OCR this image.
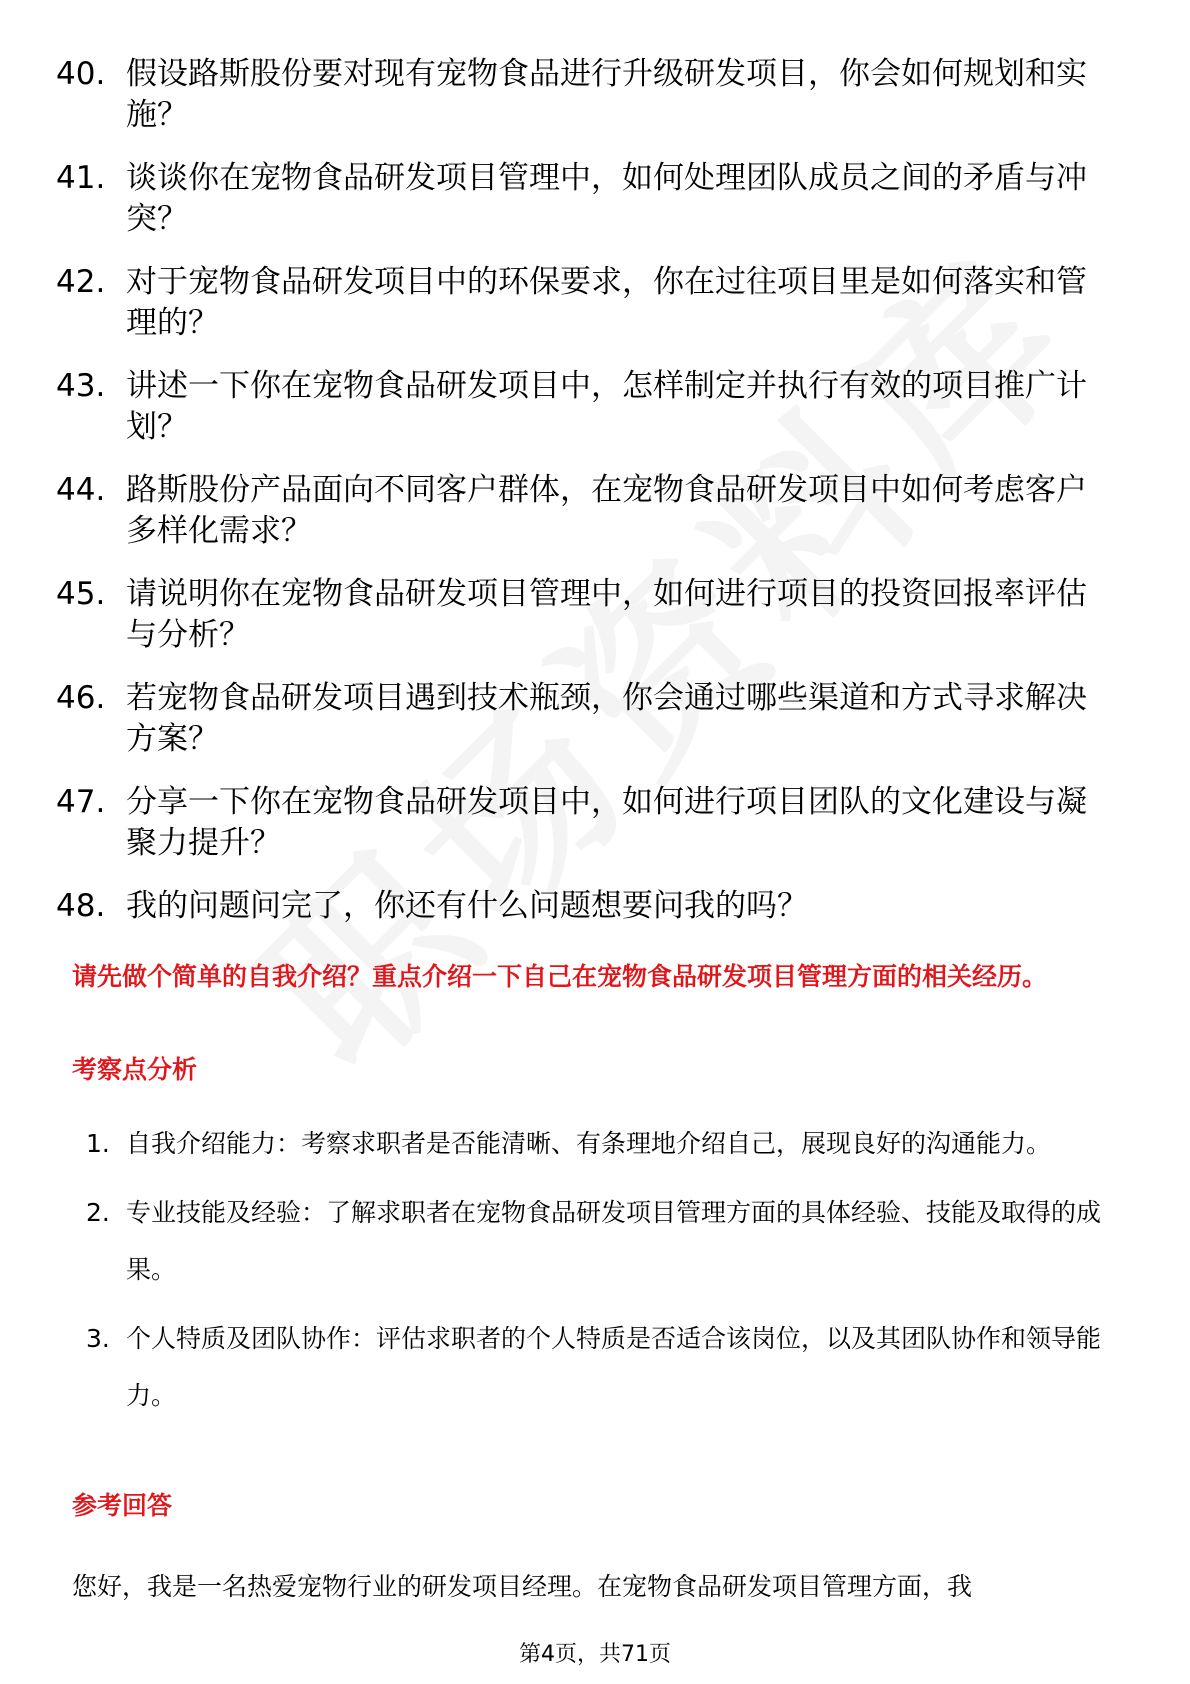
40. 假设路斯股份要对现有宠物食品进行升级研发项目，你会如何规划和实施？
41. 谈谈你在宠物食品研发项目管理中，如何处理团队成员之间的矛盾与冲突？
42. 对于宠物食品研发项目中的环保要求，你在过往项目里是如何落实和管理的？
43. 讲述一下你在宠物食品研发项目中，怎样制定并执行有效的项目推广计划？
44. 路斯股份产品面向不同客户群体，在宠物食品研发项目中如何考虑客户多样化需求？
45. 请说明你在宠物食品研发项目管理中，如何进行项目的投资回报率评估与分析？
46. 若宠物食品研发项目遇到技术瓶颈，你会通过哪些渠道和方式寻求解决方案？
47. 分享一下你在宠物食品研发项目中，如何进行项目团队的文化建设与凝聚力提升？
48. 我的问题问完了，你还有什么问题想要问我的吗？
请先做个简单的自我介绍？重点介绍一下自己在宠物食品研发项目管理方面的相关经历。
考察点分析
1. 自我介绍能力：考察求职者是否能清晰、有条理地介绍自己，展现良好的沟通能力。
2. 专业技能及经验：了解求职者在宠物食品研发项目管理方面的具体经验、技能及取得的成果。
3. 个人特质及团队协作：评估求职者的个人特质是否适合该岗位，以及其团队协作和领导能力。
参考回答
您好，我是一名热爱宠物行业的研发项目经理。在宠物食品研发项目管理方面，我
第4页，共71页
